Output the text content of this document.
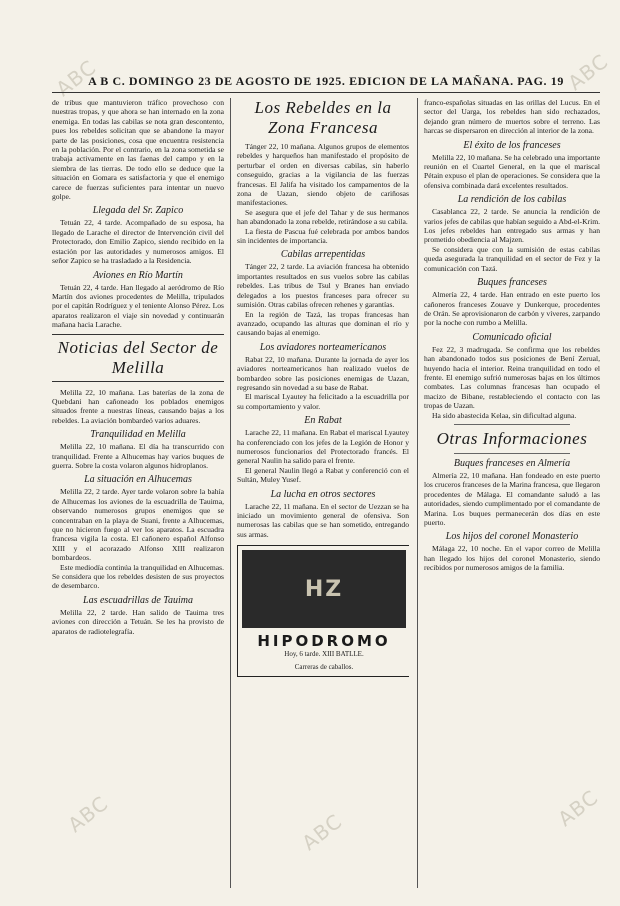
ABC
ABC	ABC
ABC
ABC
A B C. DOMINGO 23 DE AGOSTO DE 1925. EDICION DE LA MAÑANA. PAG. 19

de tribus que mantuvieron tráfico provechoso con nuestras tropas, y que ahora se han internado en la zona enemiga. En todas las cabilas se nota gran descontento, pues los rebeldes solicitan que se abandone la mayor parte de las posiciones, cosa que encuentra resistencia en la población. Por el contrario, en la zona sometida se trabaja activamente en las faenas del campo y en la siembra de las tierras. De todo ello se deduce que la situación en Gomara es satisfactoria y que el enemigo carece de fuerzas suficientes para intentar un nuevo golpe.

Llegada del Sr. Zapico

Tetuán 22, 4 tarde. Acompañado de su esposa, ha llegado de Larache el director de Intervención civil del Protectorado, don Emilio Zapico, siendo recibido en la estación por las autoridades y numerosos amigos. El señor Zapico se ha trasladado a la Residencia.

Aviones en Río Martín

Tetuán 22, 4 tarde. Han llegado al aeródromo de Río Martín dos aviones procedentes de Melilla, tripulados por el capitán Rodríguez y el teniente Alonso Pérez. Los aparatos realizaron el viaje sin novedad y continuarán mañana hacia Larache.

Noticias del Sector de Melilla

Melilla 22, 10 mañana. Las baterías de la zona de Quebdani han cañoneado los poblados enemigos situados frente a nuestras líneas, causando bajas a los rebeldes. La aviación bombardeó varios aduares.

Tranquilidad en Melilla

Melilla 22, 10 mañana. El día ha transcurrido con tranquilidad. Frente a Alhucemas hay varios buques de guerra. Sobre la costa volaron algunos hidroplanos.

La situación en Alhucemas

Melilla 22, 2 tarde. Ayer tarde volaron sobre la bahía de Alhucemas los aviones de la escuadrilla de Tauima, observando numerosos grupos enemigos que se concentraban en la playa de Suani, frente a Alhucemas, que no hicieron fuego al ver los aparatos. La escuadra francesa vigila la costa. El cañonero español Alfonso XIII y el acorazado Alfonso XIII realizaron bombardeos.

Este mediodía continúa la tranquilidad en Alhucemas. Se considera que los rebeldes desisten de sus proyectos de desembarco.

Las escuadrillas de Tauima

Melilla 22, 2 tarde. Han salido de Tauima tres aviones con dirección a Tetuán. Se les ha provisto de aparatos de radiotelegrafía.

Los Rebeldes en la Zona Francesa

Tánger 22, 10 mañana. Algunos grupos de elementos rebeldes y harqueños han manifestado el propósito de perturbar el orden en diversas cabilas, sin haberlo conseguido, gracias a la vigilancia de las fuerzas francesas. El Jalifa ha visitado los campamentos de la zona de Uazan, siendo objeto de cariñosas manifestaciones.

Se asegura que el jefe del Tahar y de sus hermanos han abandonado la zona rebelde, retirándose a su cabila.

La fiesta de Pascua fué celebrada por ambos bandos sin incidentes de importancia.

Cabilas arrepentidas

Tánger 22, 2 tarde. La aviación francesa ha obtenido importantes resultados en sus vuelos sobre las cabilas rebeldes. Las tribus de Tsul y Branes han enviado delegados a los puestos franceses para ofrecer su sumisión. Otras cabilas ofrecen rehenes y garantías.

En la región de Tazá, las tropas francesas han avanzado, ocupando las alturas que dominan el río y causando bajas al enemigo.

Los aviadores norteamericanos

Rabat 22, 10 mañana. Durante la jornada de ayer los aviadores norteamericanos han realizado vuelos de bombardeo sobre las posiciones enemigas de Uazan, regresando sin novedad a su base de Rabat.

El mariscal Lyautey ha felicitado a la escuadrilla por su comportamiento y valor.

En Rabat

Larache 22, 11 mañana. En Rabat el mariscal Lyautey ha conferenciado con los jefes de la Legión de Honor y numerosos funcionarios del Protectorado francés. El general Naulin ha salido para el frente.

El general Naulin llegó a Rabat y conferenció con el Sultán, Muley Yusef.

La lucha en otros sectores

Larache 22, 11 mañana. En el sector de Uezzan se ha iniciado un movimiento general de ofensiva. Son numerosas las cabilas que se han sometido, entregando sus armas.

HZ
HIPODROMO
Hoy, 6 tarde. XIII BATLLE.
Carreras de caballos.

franco-españolas situadas en las orillas del Lucus. En el sector del Uarga, los rebeldes han sido rechazados, dejando gran número de muertos sobre el terreno. Las harcas se dispersaron en dirección al interior de la zona.

El éxito de los franceses

Melilla 22, 10 mañana. Se ha celebrado una importante reunión en el Cuartel General, en la que el mariscal Pétain expuso el plan de operaciones. Se considera que la ofensiva combinada dará excelentes resultados.

La rendición de los cabilas

Casablanca 22, 2 tarde. Se anuncia la rendición de varios jefes de cabilas que habían seguido a Abd-el-Krim. Los jefes rebeldes han entregado sus armas y han prometido obediencia al Majzen.

Se considera que con la sumisión de estas cabilas queda asegurada la tranquilidad en el sector de Fez y la comunicación con Tazá.

Buques franceses

Almería 22, 4 tarde. Han entrado en este puerto los cañoneros franceses Zouave y Dunkerque, procedentes de Orán. Se aprovisionaron de carbón y víveres, zarpando por la noche con rumbo a Melilla.

Comunicado oficial

Fez 22, 3 madrugada. Se confirma que los rebeldes han abandonado todos sus posiciones de Bení Zerual, huyendo hacia el interior. Reina tranquilidad en todo el frente. El enemigo sufrió numerosas bajas en los últimos combates. Las columnas francesas han ocupado el macizo de Bibane, restableciendo el contacto con las tropas de Uazan.

Ha sido abastecida Kelaa, sin dificultad alguna.

Otras Informaciones
Buques franceses en Almería

Almería 22, 10 mañana. Han fondeado en este puerto los cruceros franceses de la Marina francesa, que llegaron procedentes de Málaga. El comandante saludó a las autoridades, siendo cumplimentado por el comandante de Marina. Los buques permanecerán dos días en este puerto.

Los hijos del coronel Monasterio

Málaga 22, 10 noche. En el vapor correo de Melilla han llegado los hijos del coronel Monasterio, siendo recibidos por numerosos amigos de la familia.
